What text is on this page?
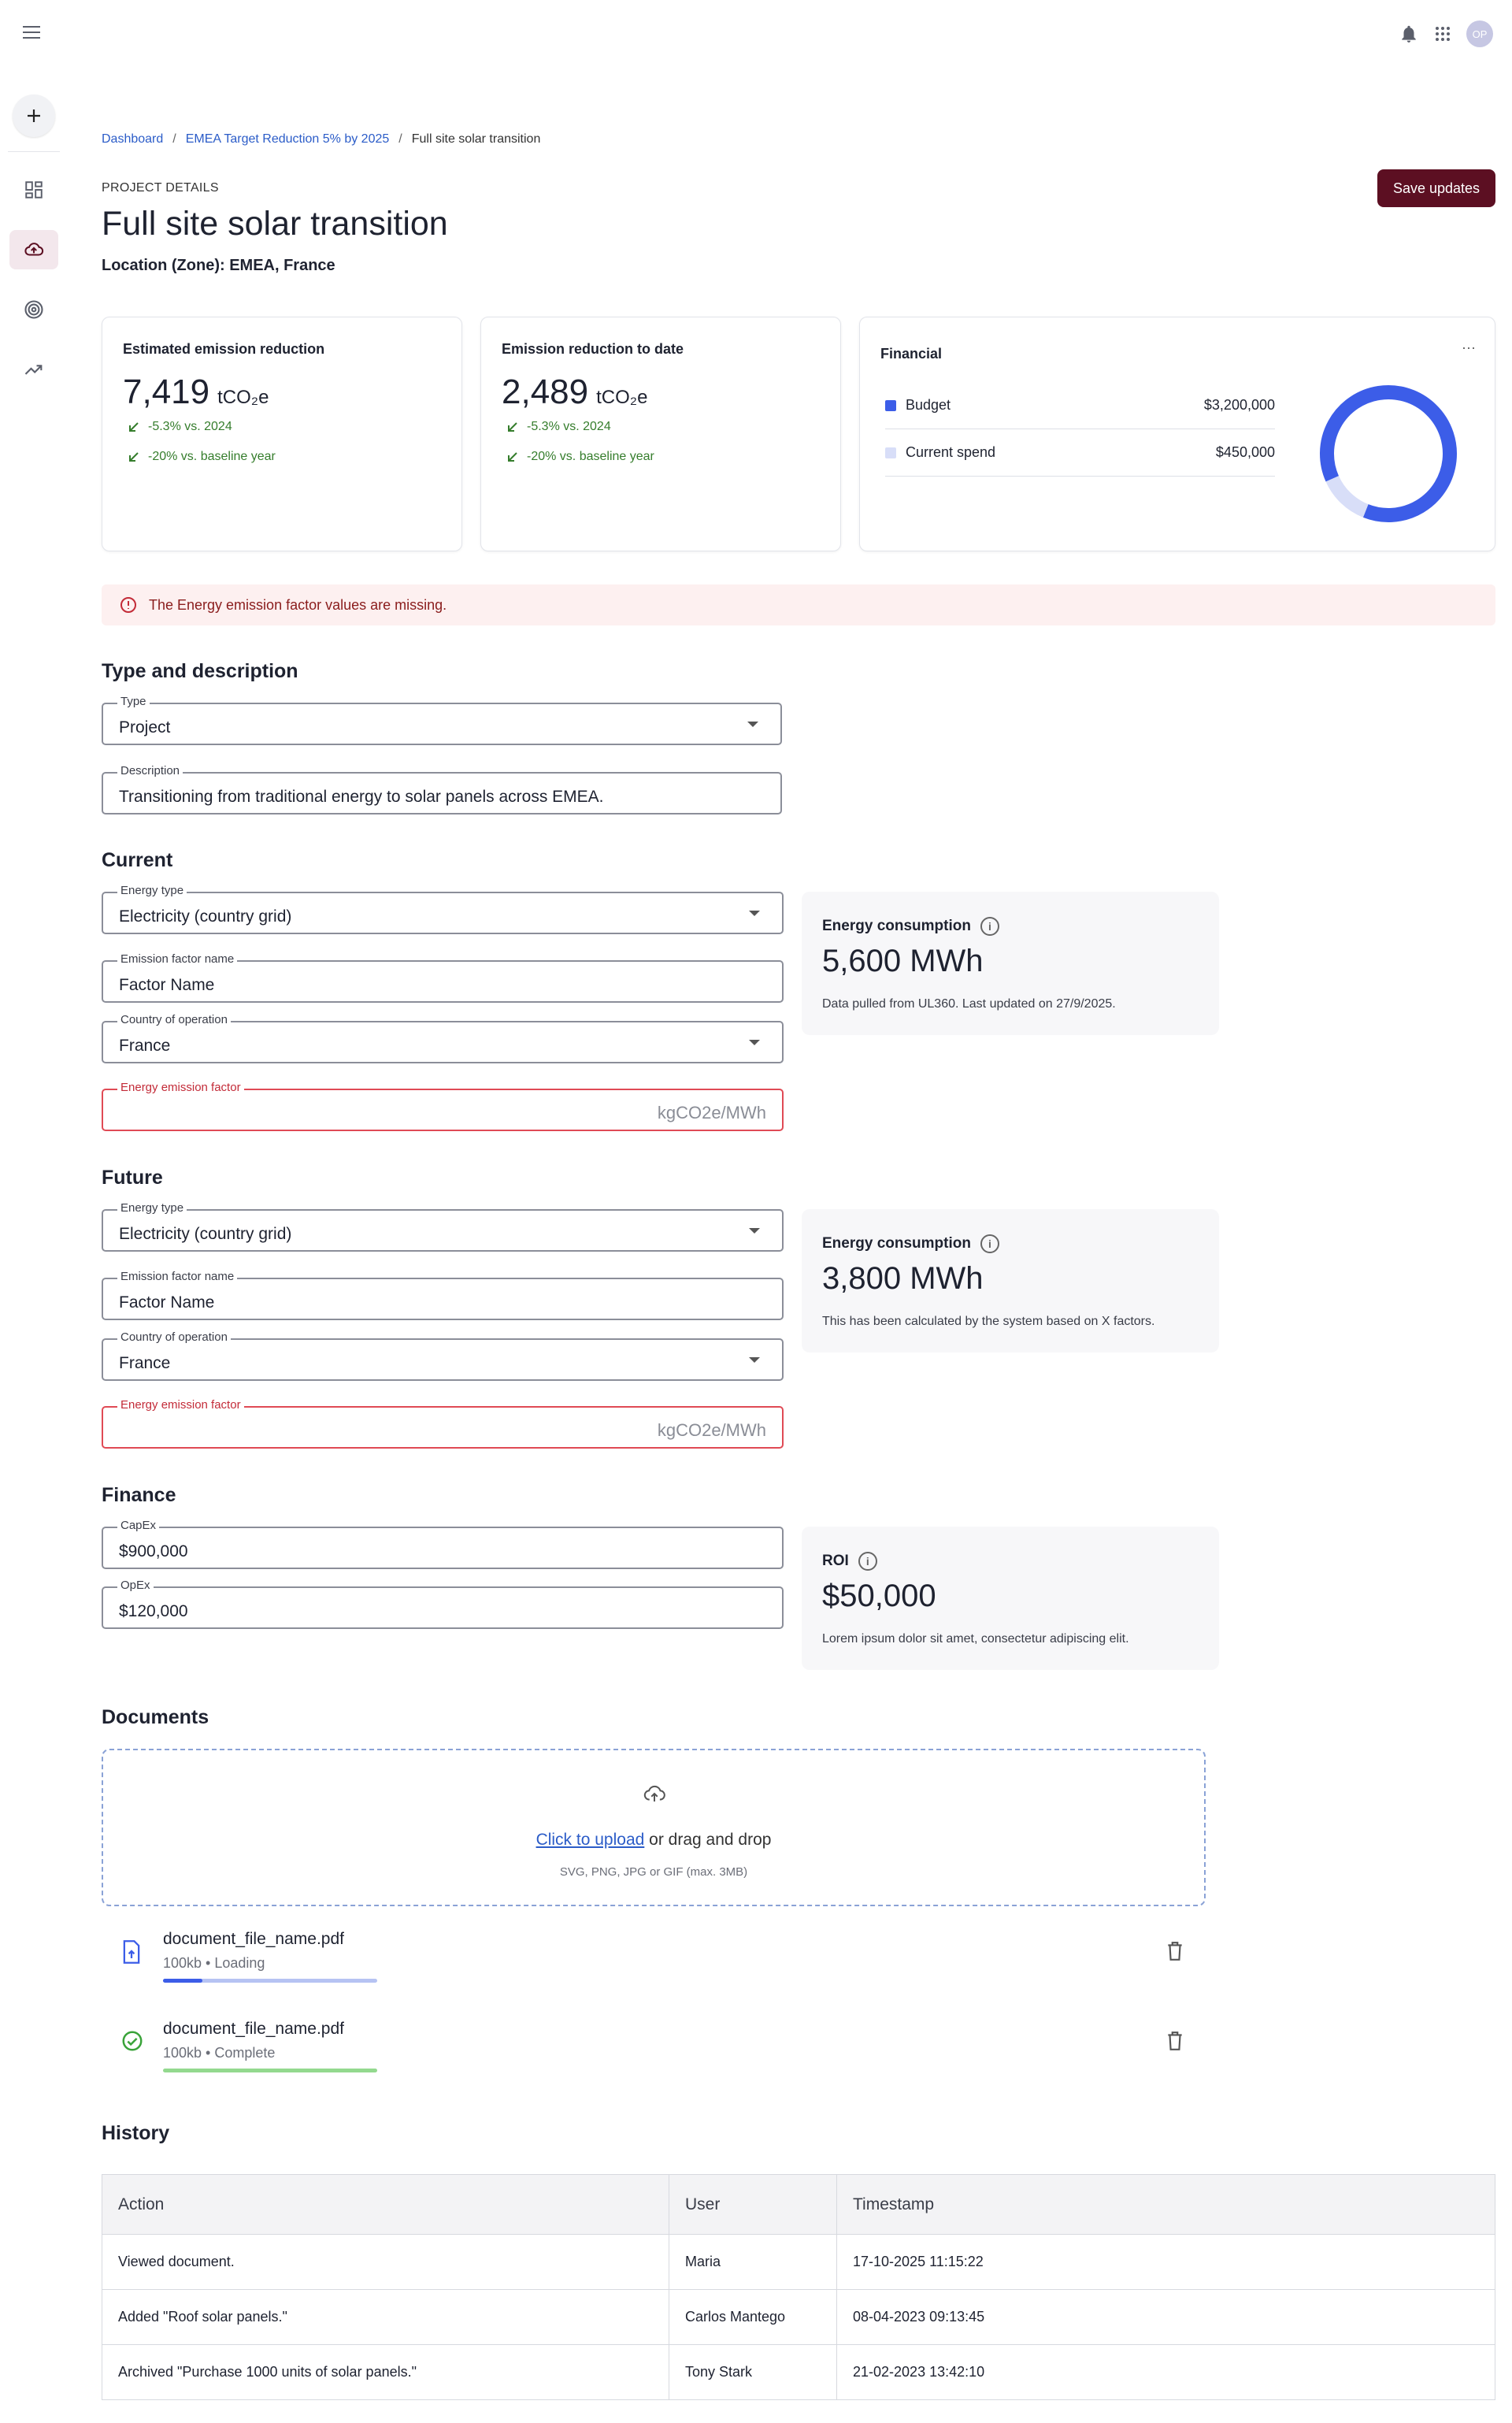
OP
Dashboard / EMEA Target Reduction 5% by 2025 / Full site solar transition
PROJECT DETAILS
Full site solar transition
Location (Zone): EMEA, France
Save updates
Estimated emission reduction
7,419 tCO₂e
-5.3% vs. 2024
-20% vs. baseline year
Emission reduction to date
2,489 tCO₂e
-5.3% vs. 2024
-20% vs. baseline year
Financial	···
Budget	$3,200,000
Current spend	$450,000
The Energy emission factor values are missing.
Type and description
Type
Project
Description
Transitioning from traditional energy to solar panels across EMEA.
Current
Energy type
Electricity (country grid)
Emission factor name
Factor Name
Country of operation
France
Energy emission factor
kgCO2e/MWh
Energy consumption	i
5,600 MWh
Data pulled from UL360. Last updated on 27/9/2025.
Future
Energy type
Electricity (country grid)
Emission factor name
Factor Name
Country of operation
France
Energy emission factor
kgCO2e/MWh
Energy consumption	i
3,800 MWh
This has been calculated by the system based on X factors.
Finance
CapEx
$900,000
OpEx
$120,000
ROI	i
$50,000
Lorem ipsum dolor sit amet, consectetur adipiscing elit.
Documents
Click to upload or drag and drop
SVG, PNG, JPG or GIF (max. 3MB)
document_file_name.pdf
100kb • Loading
document_file_name.pdf
100kb • Complete
History
Action	User	Timestamp
Viewed document.	Maria	17-10-2025 11:15:22
Added "Roof solar panels."	Carlos Mantego	08-04-2023 09:13:45
Archived "Purchase 1000 units of solar panels."	Tony Stark	21-02-2023 13:42:10
